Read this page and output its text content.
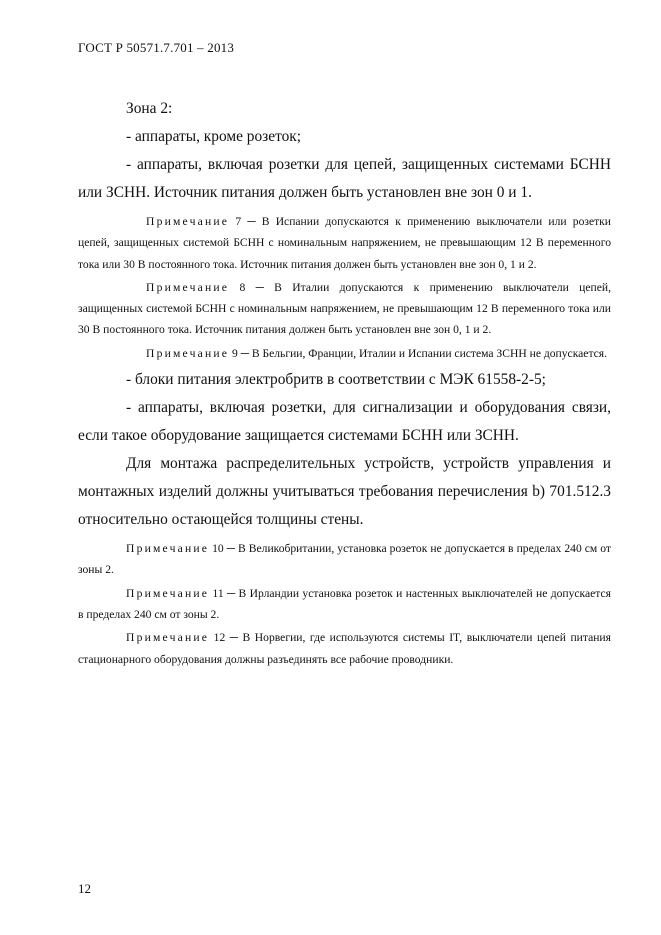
ГОСТ Р 50571.7.701 – 2013

Зона 2:

- аппараты, кроме розеток;

- аппараты, включая розетки для цепей, защищенных системами БСНН или ЗСНН. Источник питания должен быть установлен вне зон 0 и 1.

Примечание 7 ─ В Испании допускаются к применению выключатели или розетки цепей, защищенных системой БСНН с номинальным напряжением, не превышающим 12 В переменного тока или 30 В постоянного тока. Источник питания должен быть установлен вне зон 0, 1 и 2.

Примечание 8 ─ В Италии допускаются к применению выключатели цепей, защищенных системой БСНН с номинальным напряжением, не превышающим 12 В переменного тока или 30 В постоянного тока. Источник питания должен быть установлен вне зон 0, 1 и 2.

Примечание 9 ─ В Бельгии, Франции, Италии и Испании система ЗСНН не допускается.

- блоки питания электробритв в соответствии с МЭК 61558-2-5;

- аппараты, включая розетки, для сигнализации и оборудования связи, если такое оборудование защищается системами БСНН или ЗСНН.

Для монтажа распределительных устройств, устройств управления и монтажных изделий должны учитываться требования перечисления b) 701.512.3 относительно остающейся толщины стены.

Примечание 10 ─ В Великобритании, установка розеток не допускается в пределах 240 см от зоны 2.

Примечание 11 ─ В Ирландии установка розеток и настенных выключателей не допускается в пределах 240 см от зоны 2.

Примечание 12 ─ В Норвегии, где используются системы IT, выключатели цепей питания стационарного оборудования должны разъединять все рабочие проводники.

12
